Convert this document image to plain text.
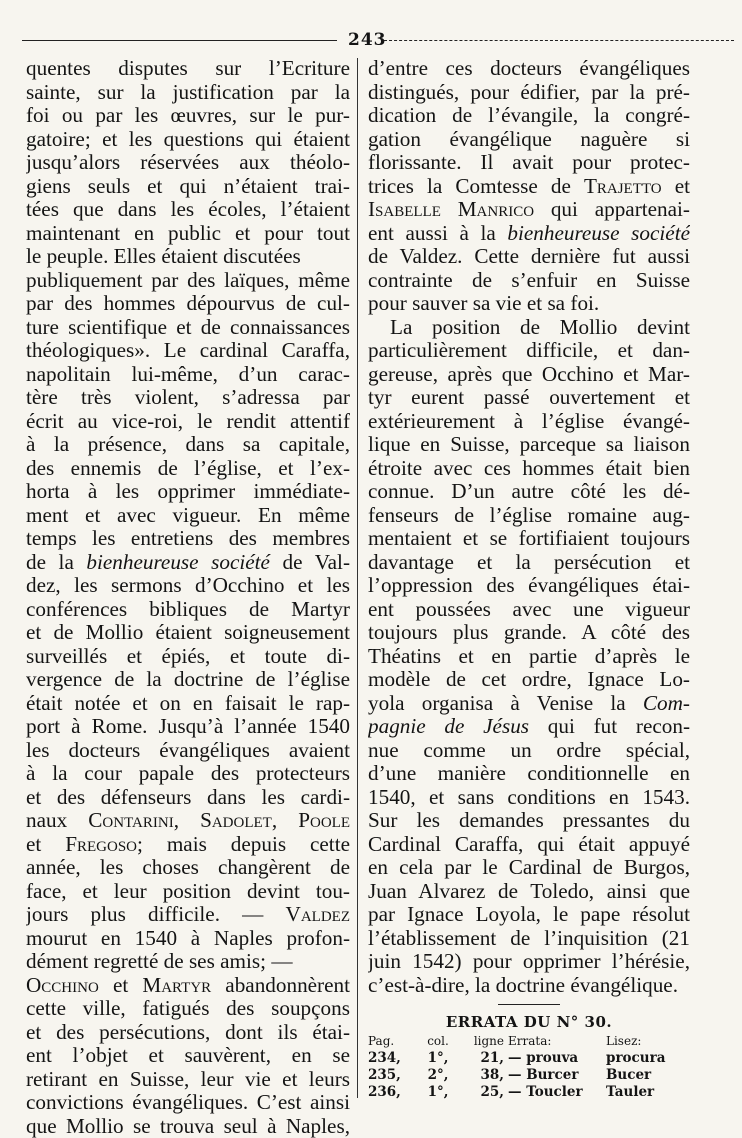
243
quentes disputes sur l’Ecriture
sainte, sur la justification par la
foi ou par les œuvres, sur le pur-
gatoire; et les questions qui étaient
jusqu’alors réservées aux théolo-
giens seuls et qui n’étaient trai-
tées que dans les écoles, l’étaient
maintenant en public et pour tout
le peuple. Elles étaient discutées
publiquement par des laïques, même
par des hommes dépourvus de cul-
ture scientifique et de connaissances
théologiques». Le cardinal Caraffa,
napolitain lui-même, d’un carac-
tère très violent, s’adressa par
écrit au vice-roi, le rendit attentif
à la présence, dans sa capitale,
des ennemis de l’église, et l’ex-
horta à les opprimer immédiate-
ment et avec vigueur. En même
temps les entretiens des membres
de la bienheureuse société de Val-
dez, les sermons d’Occhino et les
conférences bibliques de Martyr
et de Mollio étaient soigneusement
surveillés et épiés, et toute di-
vergence de la doctrine de l’église
était notée et on en faisait le rap-
port à Rome. Jusqu’à l’année 1540
les docteurs évangéliques avaient
à la cour papale des protecteurs
et des défenseurs dans les cardi-
naux Contarini, Sadolet, Poole
et Fregoso; mais depuis cette
année, les choses changèrent de
face, et leur position devint tou-
jours plus difficile. — Valdez
mourut en 1540 à Naples profon-
dément regretté de ses amis; —
Occhino et Martyr abandonnèrent
cette ville, fatigués des soupçons
et des persécutions, dont ils étai-
ent l’objet et sauvèrent, en se
retirant en Suisse, leur vie et leurs
convictions évangéliques. C’est ainsi
que Mollio se trouva seul à Naples,
d’entre ces docteurs évangéliques
distingués, pour édifier, par la pré-
dication de l’évangile, la congré-
gation évangélique naguère si
florissante. Il avait pour protec-
trices la Comtesse de Trajetto et
Isabelle Manrico qui appartenai-
ent aussi à la bienheureuse société
de Valdez. Cette dernière fut aussi
contrainte de s’enfuir en Suisse
pour sauver sa vie et sa foi.
La position de Mollio devint
particulièrement difficile, et dan-
gereuse, après que Occhino et Mar-
tyr eurent passé ouvertement et
extérieurement à l’église évangé-
lique en Suisse, parceque sa liaison
étroite avec ces hommes était bien
connue. D’un autre côté les dé-
fenseurs de l’église romaine aug-
mentaient et se fortifiaient toujours
davantage et la persécution et
l’oppression des évangéliques étai-
ent poussées avec une vigueur
toujours plus grande. A côté des
Théatins et en partie d’après le
modèle de cet ordre, Ignace Lo-
yola organisa à Venise la Com-
pagnie de Jésus qui fut recon-
nue comme un ordre spécial,
d’une manière conditionnelle en
1540, et sans conditions en 1543.
Sur les demandes pressantes du
Cardinal Caraffa, qui était appuyé
en cela par le Cardinal de Burgos,
Juan Alvarez de Toledo, ainsi que
par Ignace Loyola, le pape résolut
l’établissement de l’inquisition (21
juin 1542) pour opprimer l’hérésie,
c’est-à-dire, la doctrine évangélique.
ERRATA DU N° 30.
Pag.	col.	ligne Errata:	Lisez:
234,	1°,	21, — prouva	procura
235,	2°,	38, — Burcer	Bucer
236,	1°,	25, — Toucler	Tauler
